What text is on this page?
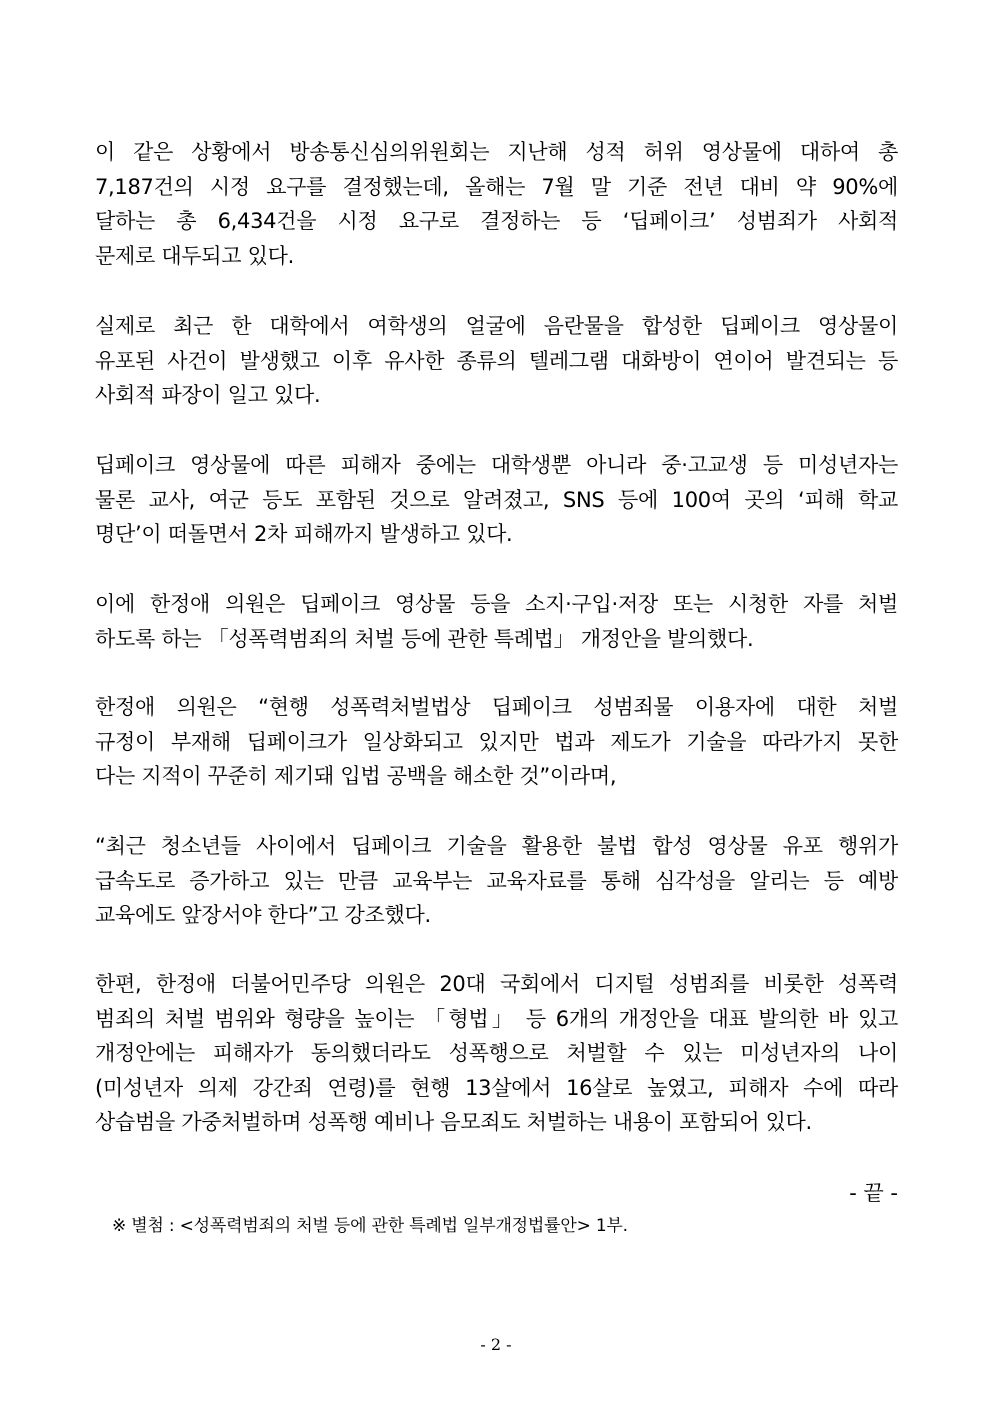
이 같은 상황에서 방송통신심의위원회는 지난해 성적 허위 영상물에 대하여 총
7,187건의 시정 요구를 결정했는데, 올해는 7월 말 기준 전년 대비 약 90%에
달하는 총 6,434건을 시정 요구로 결정하는 등 ‘딥페이크’ 성범죄가 사회적
문제로 대두되고 있다.
실제로 최근 한 대학에서 여학생의 얼굴에 음란물을 합성한 딥페이크 영상물이
유포된 사건이 발생했고 이후 유사한 종류의 텔레그램 대화방이 연이어 발견되는 등
사회적 파장이 일고 있다.
딥페이크 영상물에 따른 피해자 중에는 대학생뿐 아니라 중·고교생 등 미성년자는
물론 교사, 여군 등도 포함된 것으로 알려졌고, SNS 등에 100여 곳의 ‘피해 학교
명단’이 떠돌면서 2차 피해까지 발생하고 있다.
이에 한정애 의원은 딥페이크 영상물 등을 소지·구입·저장 또는 시청한 자를 처벌
하도록 하는 「성폭력범죄의 처벌 등에 관한 특례법」 개정안을 발의했다.
한정애 의원은 “현행 성폭력처벌법상 딥페이크 성범죄물 이용자에 대한 처벌
규정이 부재해 딥페이크가 일상화되고 있지만 법과 제도가 기술을 따라가지 못한
다는 지적이 꾸준히 제기돼 입법 공백을 해소한 것”이라며,
“최근 청소년들 사이에서 딥페이크 기술을 활용한 불법 합성 영상물 유포 행위가
급속도로 증가하고 있는 만큼 교육부는 교육자료를 통해 심각성을 알리는 등 예방
교육에도 앞장서야 한다”고 강조했다.
한편, 한정애 더불어민주당 의원은 20대 국회에서 디지털 성범죄를 비롯한 성폭력
범죄의 처벌 범위와 형량을 높이는 「형법」 등 6개의 개정안을 대표 발의한 바 있고
개정안에는 피해자가 동의했더라도 성폭행으로 처벌할 수 있는 미성년자의 나이
(미성년자 의제 강간죄 연령)를 현행 13살에서 16살로 높였고, 피해자 수에 따라
상습범을 가중처벌하며 성폭행 예비나 음모죄도 처벌하는 내용이 포함되어 있다.
- 끝 -
※ 별첨 : <성폭력범죄의 처벌 등에 관한 특례법 일부개정법률안> 1부.
- 2 -
